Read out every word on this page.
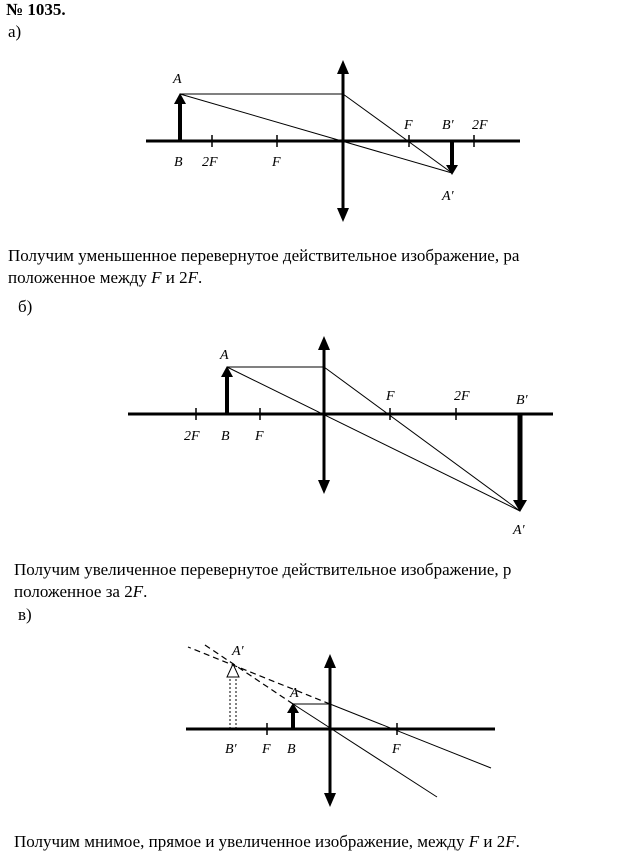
№ 1035.
а)
A
B 2F	F
F B′ 2F
A′
A
2F B F
F	2F	B′
A′
A′
A
B′ F B	F
Получим уменьшенное перевернутое действительное изображение, ра
положенное между F и 2F.
б)
Получим увеличенное перевернутое действительное изображение, р
положенное за 2F.
в)
Получим мнимое, прямое и увеличенное изображение, между F и 2F.
